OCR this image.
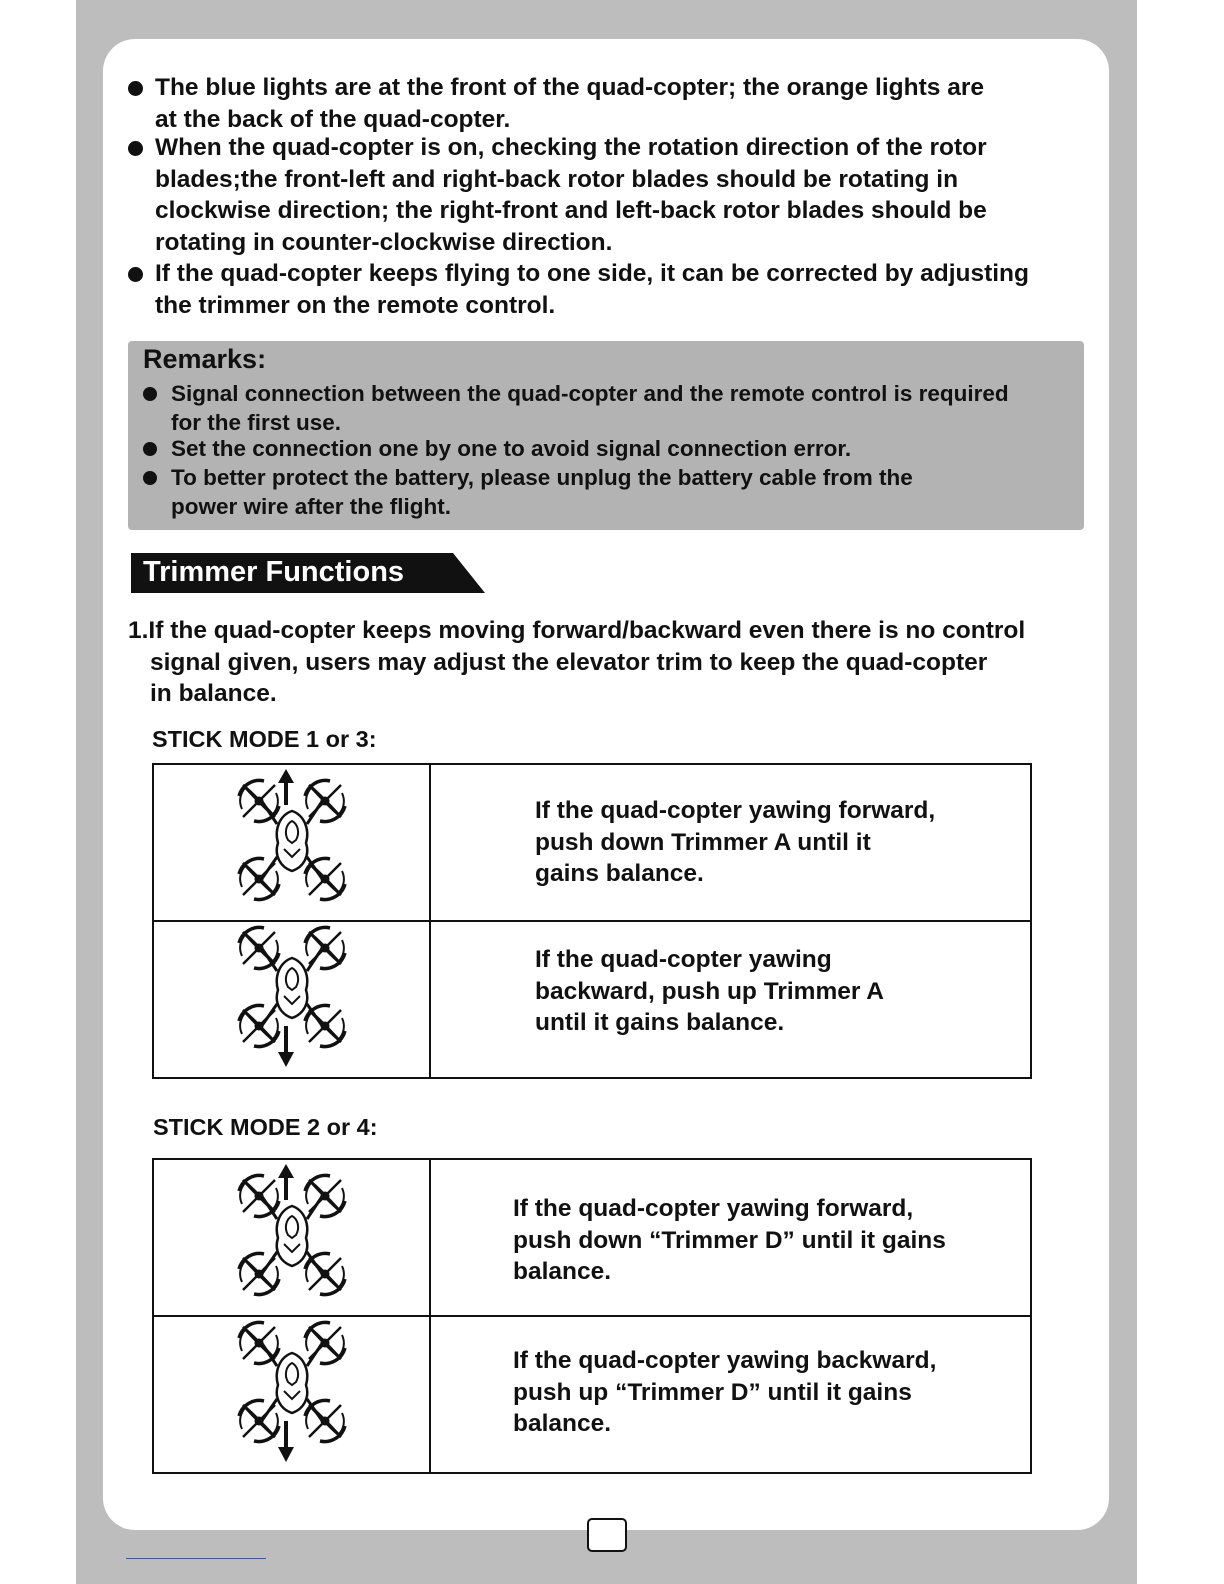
The blue lights are at the front of the quad-copter; the orange lights are
at the back of the quad-copter.
When the quad-copter is on, checking the rotation direction of the rotor
blades;the front-left and right-back rotor blades should be rotating in
clockwise direction; the right-front and left-back rotor blades should be
rotating in counter-clockwise direction.
If the quad-copter keeps flying to one side, it can be corrected by adjusting
the trimmer on the remote control.
Remarks:
Signal connection between the quad-copter and the remote control is required
for the first use.
Set the connection one by one to avoid signal connection error.
To better protect the battery, please unplug the battery cable from the
power wire after the flight.
Trimmer Functions
1.If the quad-copter keeps moving forward/backward even there is no control
signal given, users may adjust the elevator trim to keep the quad-copter
in balance.
STICK MODE 1 or 3:

If the quad-copter yawing forward,
push down Trimmer A until it
gains balance.

If the quad-copter yawing
backward, push up Trimmer A
until it gains balance.
STICK MODE 2 or 4:

If the quad-copter yawing forward,
push down “Trimmer D” until it gains
balance.

If the quad-copter yawing backward,
push up “Trimmer D” until it gains
balance.
